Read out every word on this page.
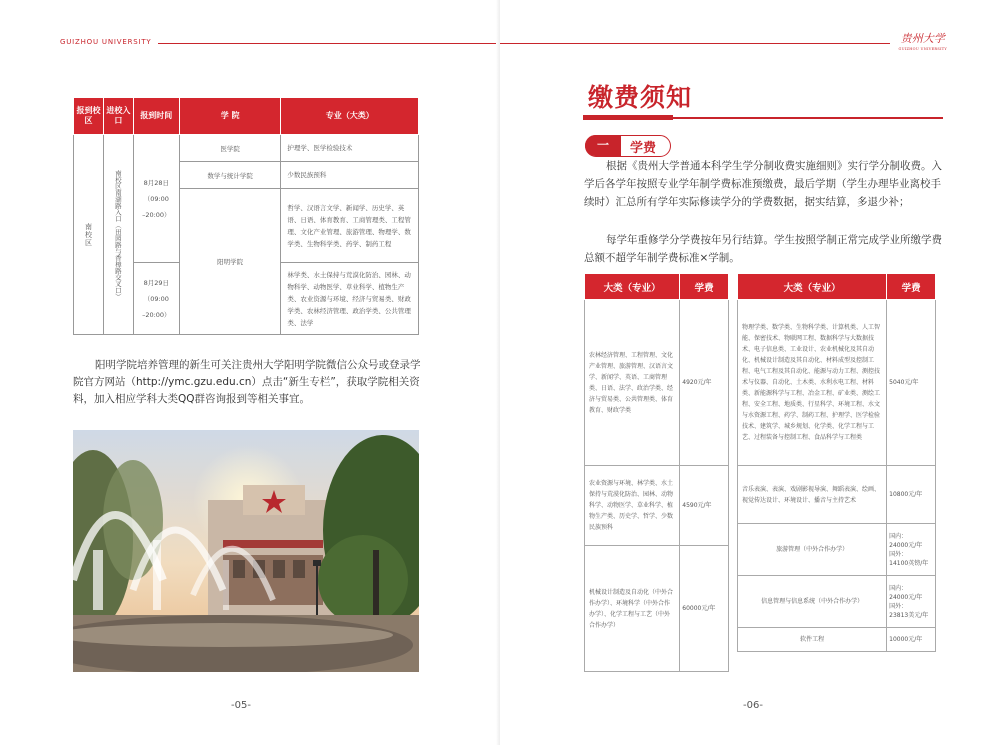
GUIZHOU UNIVERSITY
报到校区	进校入口	报到时间	学 院	专业（大类）

南校区	南校区南湖路入口（田园路与香樟路交叉口）	8月28日
（09:00
–20:00）	医学院	护理学、医学检验技术
			数学与统计学院	少数民族预科
			阳明学院	哲学、汉语言文学、新闻学、历史学、英语、日语、体育教育、工商管理类、工程管理、文化产业管理、旅游管理、物理学、数学类、生物科学类、药学、制药工程

		8月29日
（09:00
–20:00）		林学类、水土保持与荒漠化防治、园林、动物科学、动物医学、草业科学、植物生产类、农业资源与环境、经济与贸易类、财政学类、农林经济管理、政治学类、公共管理类、法学
阳明学院培养管理的新生可关注贵州大学阳明学院微信公众号或登录学院官方网站（http://ymc.gzu.edu.cn）点击“新生专栏”，获取学院相关资料，加入相应学科大类QQ群咨询报到等相关事宜。
-05-
贵州大学
GUIZHOU UNIVERSITY
-06-
缴费须知
一	学费
根据《贵州大学普通本科学生学分制收费实施细则》实行学分制收费。入学后各学年按照专业学年制学费标准预缴费，最后学期（学生办理毕业离校手续时）汇总所有学年实际修读学分的学费数据，据实结算，多退少补；
每学年重修学分学费按年另行结算。学生按照学制正常完成学业所缴学费总额不超学年制学费标准×学制。
大类（专业）	学费
农林经济管理、工程管理、文化产业管理、旅游管理、汉语言文学、新闻学、英语、工商管理类、日语、法学、政治学类、经济与贸易类、公共管理类、体育教育、财政学类	4920元/年
农业资源与环境、林学类、水土保持与荒漠化防治、园林、动物科学、动物医学、草业科学、植物生产类、历史学、哲学、少数民族预科	4590元/年
机械设计制造及自动化（中外合作办学）、环境科学（中外合作办学）、化学工程与工艺（中外合作办学）	60000元/年
大类（专业）	学费
物理学类、数学类、生物科学类、计算机类、人工智能、保密技术、物联网工程、数据科学与大数据技术、电子信息类、工业设计、农业机械化及其自动化、机械设计制造及其自动化、材料成型及控制工程、电气工程及其自动化、能源与动力工程、测控技术与仪器、自动化、土木类、水利水电工程、材料类、新能源科学与工程、冶金工程、矿业类、测绘工程、安全工程、地质类、行星科学、环境工程、水文与水资源工程、药学、制药工程、护理学、医学检验技术、建筑学、城乡规划、化学类、化学工程与工艺、过程装备与控制工程、食品科学与工程类	5040元/年
音乐表演、表演、戏剧影视导演、舞蹈表演、绘画、视觉传达设计、环境设计、播音与主持艺术	10800元/年
旅游管理（中外合作办学）	国内：
24000元/年
国外：
14100英镑/年

信息管理与信息系统（中外合作办学）	国内：
24000元/年
国外：
23813美元/年

软件工程	10000元/年
